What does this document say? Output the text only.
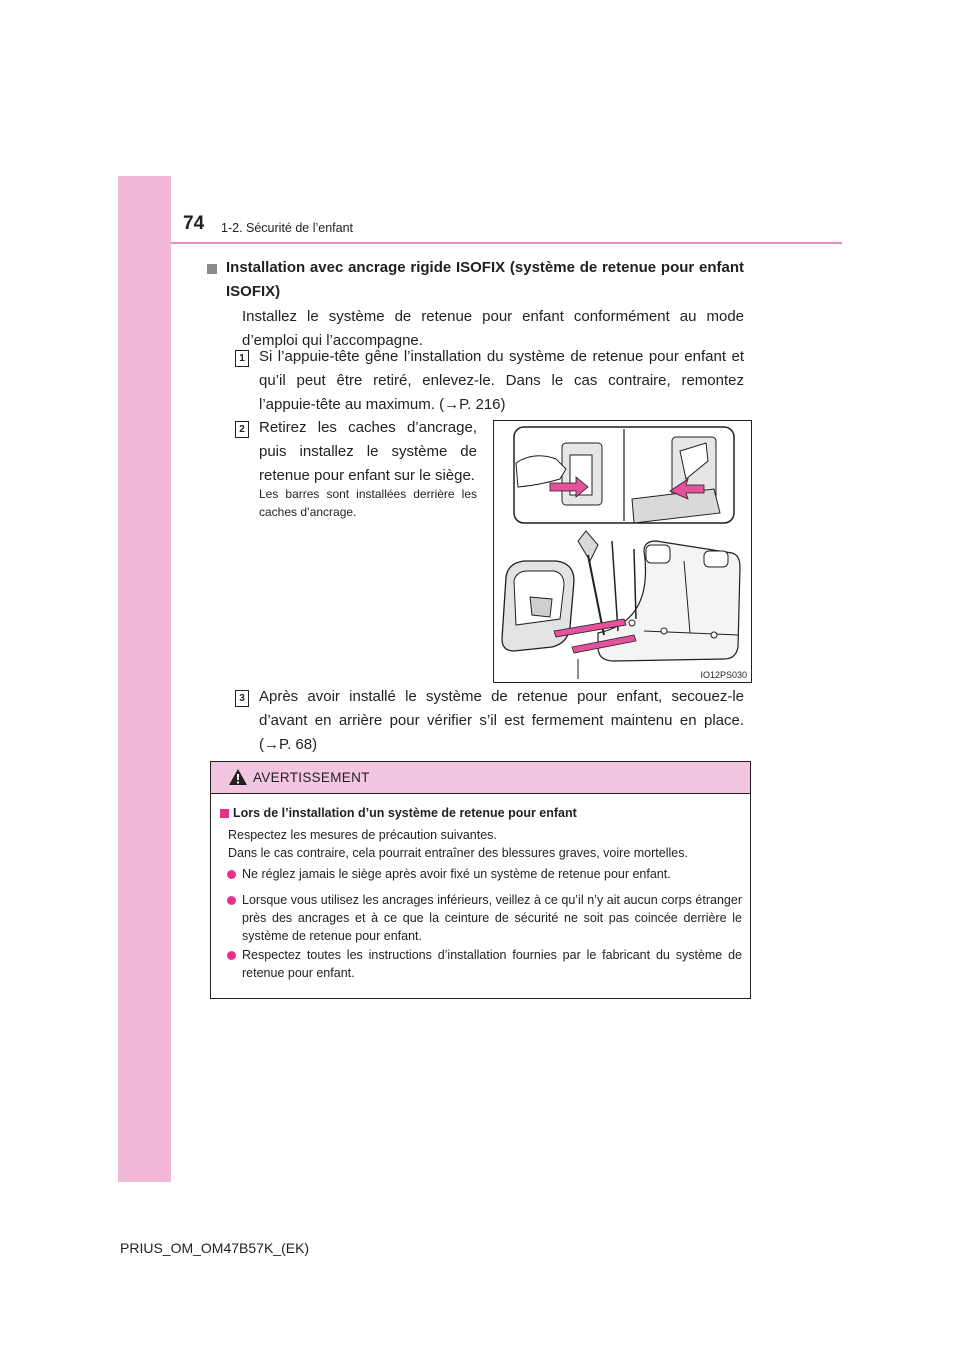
74 1-2. Sécurité de l’enfant
Installation avec ancrage rigide ISOFIX (système de retenue pour enfant ISOFIX)
Installez le système de retenue pour enfant conformément au mode d’emploi qui l’accompagne.
1 Si l’appuie-tête gêne l’installation du système de retenue pour enfant et qu’il peut être retiré, enlevez-le. Dans le cas contraire, remontez l’appuie-tête au maximum. (→P. 216)
2 Retirez les caches d’ancrage, puis installez le système de retenue pour enfant sur le siège.
Les barres sont installées derrière les caches d’ancrage.
IO12PS030
3 Après avoir installé le système de retenue pour enfant, secouez-le d’avant en arrière pour vérifier s’il est fermement maintenu en place. (→P. 68)
AVERTISSEMENT
Lors de l’installation d’un système de retenue pour enfant
Respectez les mesures de précaution suivantes.
Dans le cas contraire, cela pourrait entraîner des blessures graves, voire mortelles.
Ne réglez jamais le siège après avoir fixé un système de retenue pour enfant.
Lorsque vous utilisez les ancrages inférieurs, veillez à ce qu’il n’y ait aucun corps étranger près des ancrages et à ce que la ceinture de sécurité ne soit pas coincée derrière le système de retenue pour enfant.
Respectez toutes les instructions d’installation fournies par le fabricant du système de retenue pour enfant.
PRIUS_OM_OM47B57K_(EK)
